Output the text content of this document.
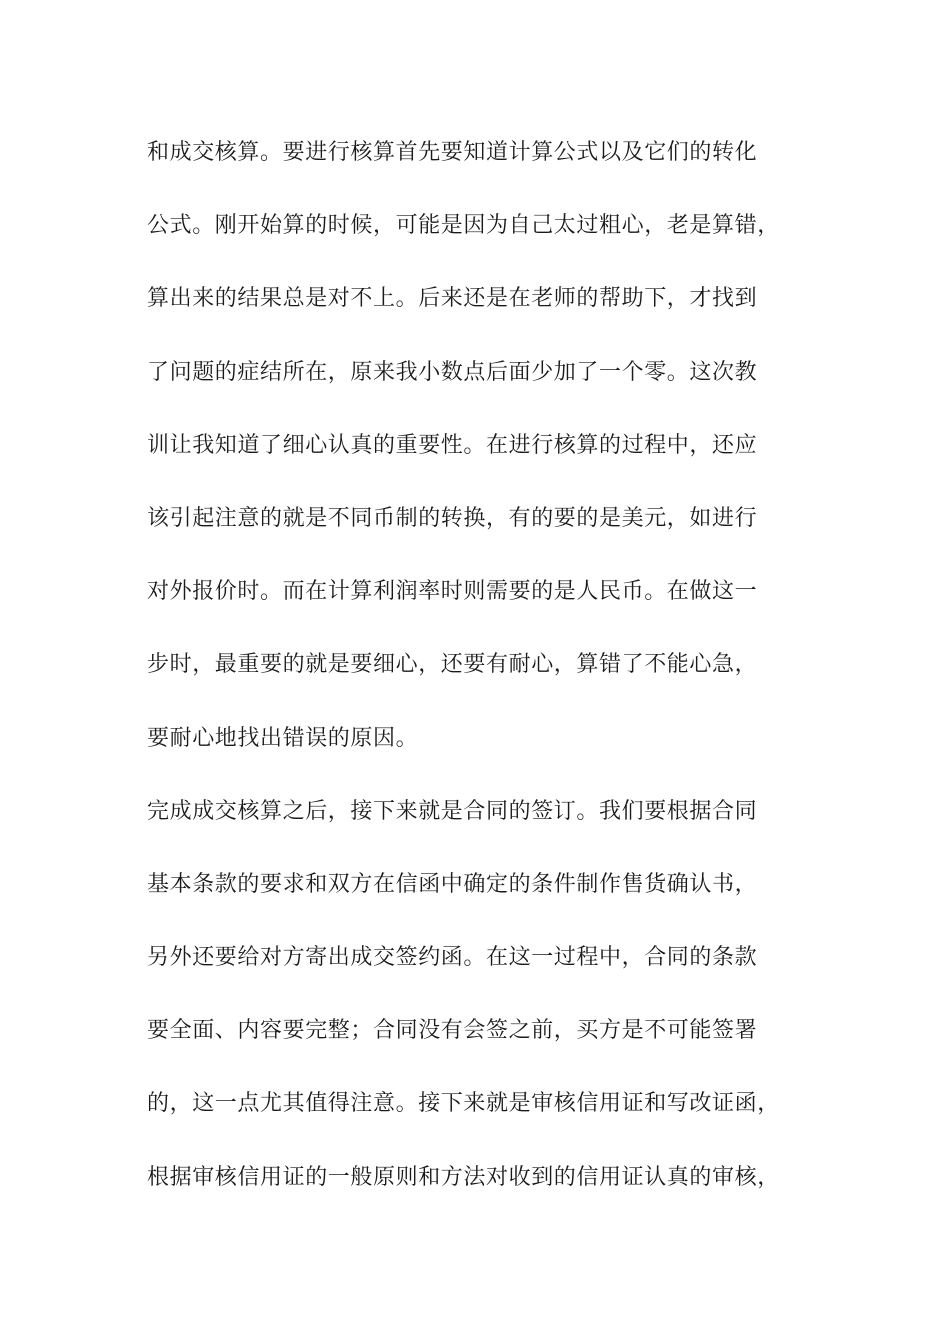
和成交核算。要进行核算首先要知道计算公式以及它们的转化
公式。刚开始算的时候，可能是因为自己太过粗心，老是算错，
算出来的结果总是对不上。后来还是在老师的帮助下，才找到
了问题的症结所在，原来我小数点后面少加了一个零。这次教
训让我知道了细心认真的重要性。在进行核算的过程中，还应
该引起注意的就是不同币制的转换，有的要的是美元，如进行
对外报价时。而在计算利润率时则需要的是人民币。在做这一
步时，最重要的就是要细心，还要有耐心，算错了不能心急，
要耐心地找出错误的原因。
完成成交核算之后，接下来就是合同的签订。我们要根据合同
基本条款的要求和双方在信函中确定的条件制作售货确认书，
另外还要给对方寄出成交签约函。在这一过程中，合同的条款
要全面、内容要完整；合同没有会签之前，买方是不可能签署
的，这一点尤其值得注意。接下来就是审核信用证和写改证函，
根据审核信用证的一般原则和方法对收到的信用证认真的审核，
